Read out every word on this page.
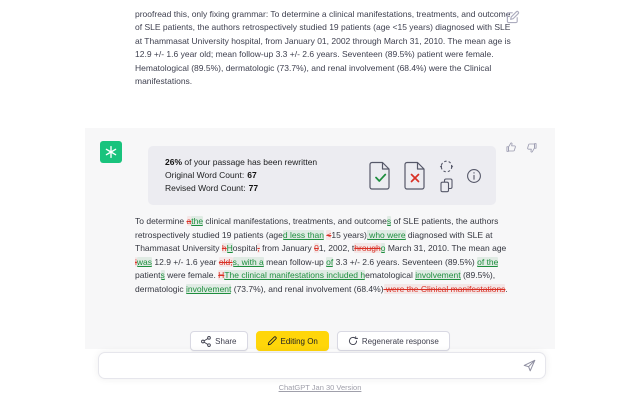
proofread this, only fixing grammar: To determine a clinical manifestations, treatments, and outcome of SLE patients, the authors retrospectively studied 19 patients (age <15 years) diagnosed with SLE at Thammasat University hospital, from January 01, 2002 through March 31, 2010. The mean age is 12.9 +/- 1.6 year old; mean follow-up 3.3 +/- 2.6 years. Seventeen (89.5%) patient were female. Hematological (89.5%), dermatologic (73.7%), and renal involvement (68.4%) were the Clinical manifestations.
26% of your passage has been rewritten
Original Word Count: 67
Revised Word Count: 77

To determine athe clinical manifestations, treatments, and outcomes of SLE patients, the authors retrospectively studied 19 patients (aged less than <15 years) who were diagnosed with SLE at Thammasat University hHospital, from January 01, 2002, througho March 31, 2010. The mean age iwas 12.9 +/- 1.6 year old;s, with a mean follow-up of 3.3 +/- 2.6 years. Seventeen (89.5%) of the patients were female. HThe clinical manifestations included hematological involvement (89.5%), dermatologic involvement (73.7%), and renal involvement (68.4%) were the Clinical manifestations.

Share	Editing On	Regenerate response
ChatGPT Jan 30 Version
